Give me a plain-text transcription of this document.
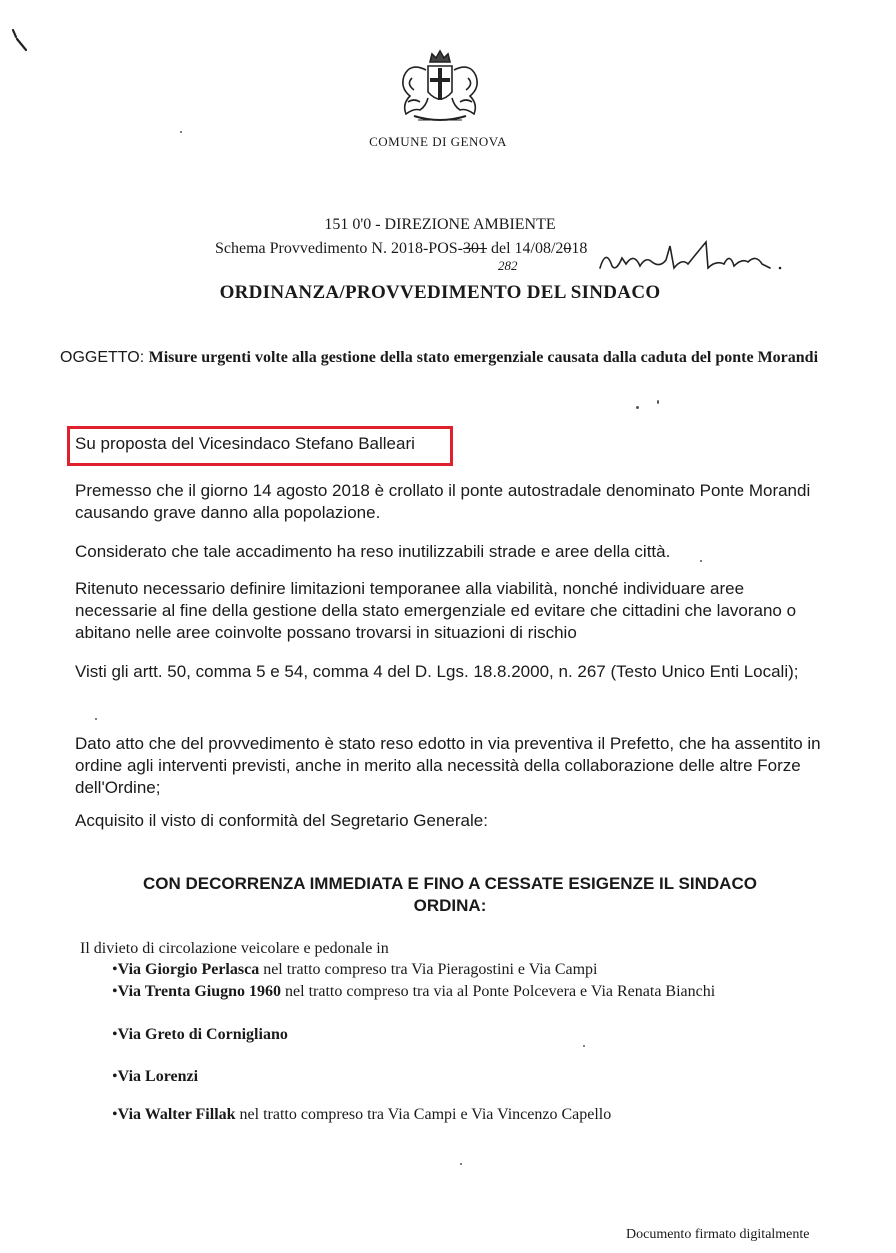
COMUNE DI GENOVA
151 0'0 - DIREZIONE AMBIENTE
Schema Provvedimento N. 2018-POS-301 del 14/08/2018
282
ORDINANZA/PROVVEDIMENTO DEL SINDACO
OGGETTO: Misure urgenti volte alla gestione della stato emergenziale causata dalla caduta del ponte Morandi
Su proposta del Vicesindaco Stefano Balleari
Premesso che il giorno 14 agosto 2018 è crollato il ponte autostradale denominato Ponte Morandi causando grave danno alla popolazione.
Considerato che tale accadimento ha reso inutilizzabili strade e aree della città.
Ritenuto necessario definire limitazioni temporanee alla viabilità, nonché individuare aree necessarie al fine della gestione della stato emergenziale ed evitare che cittadini che lavorano o abitano nelle aree coinvolte possano trovarsi in situazioni di rischio
Visti gli artt. 50, comma 5 e 54, comma 4 del D. Lgs. 18.8.2000, n. 267 (Testo Unico Enti Locali);
Dato atto che del provvedimento è stato reso edotto in via preventiva il Prefetto, che ha assentito in ordine agli interventi previsti, anche in merito alla necessità della collaborazione delle altre Forze dell'Ordine;
Acquisito il visto di conformità del Segretario Generale:
CON DECORRENZA IMMEDIATA E FINO A CESSATE ESIGENZE IL SINDACO
ORDINA:
Il divieto di circolazione veicolare e pedonale in
•Via Giorgio Perlasca nel tratto compreso tra Via Pieragostini e Via Campi
•Via Trenta Giugno 1960 nel tratto compreso tra via al Ponte Polcevera e Via Renata Bianchi
•Via Greto di Cornigliano
•Via Lorenzi
•Via Walter Fillak nel tratto compreso tra Via Campi e Via Vincenzo Capello
Documento firmato digitalmente
